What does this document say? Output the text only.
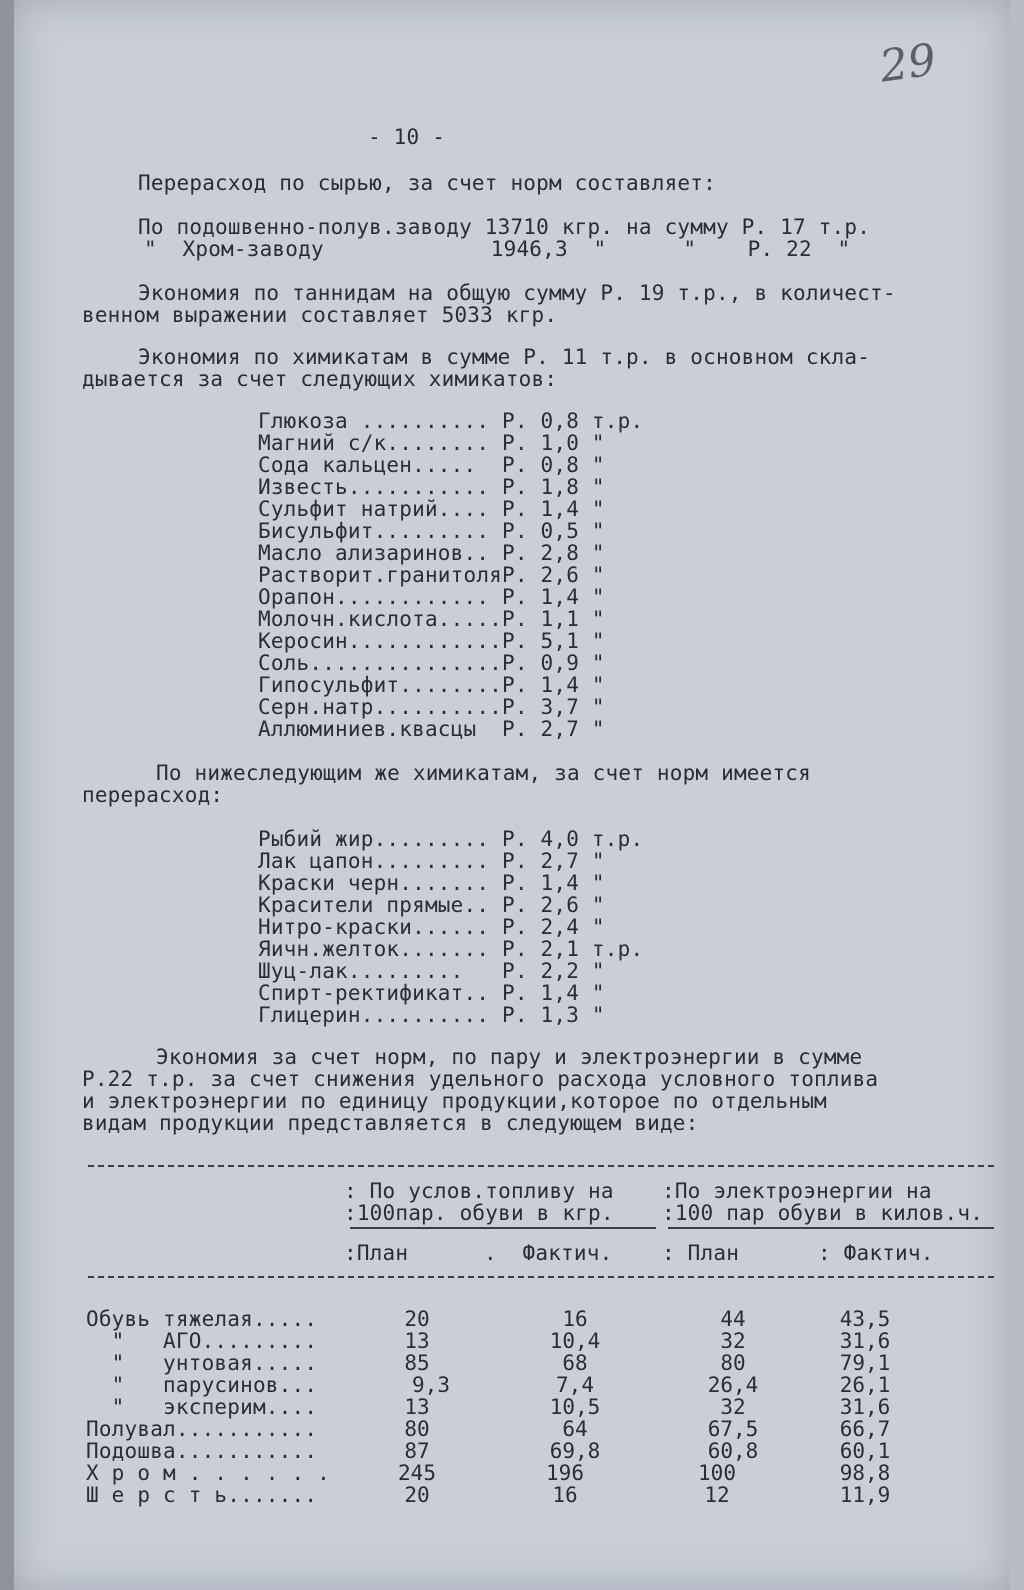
29
- 10 -
Перерасход по сырью, за счет норм составляет:
По подошвенно-полув.заводу 13710 кгр. на сумму Р. 17 т.р.
"  Хром-заводу             1946,3  "      "    Р. 22  "
Экономия по таннидам на общую сумму Р. 19 т.р., в количест-
венном выражении составляет 5033 кгр.
Экономия по химикатам в сумме Р. 11 т.р. в основном скла-
дывается за счет следующих химикатов:
Глюкоза .......... Р. 0,8 т.р.
Магний с/к........ Р. 1,0 "
Сода кальцен.....  Р. 0,8 "
Известь........... Р. 1,8 "
Сульфит натрий.... Р. 1,4 "
Бисульфит......... Р. 0,5 "
Масло ализаринов.. Р. 2,8 "
Растворит.гранитоляР. 2,6 "
Орапон............ Р. 1,4 "
Молочн.кислота.....Р. 1,1 "
Керосин............Р. 5,1 "
Соль...............Р. 0,9 "
Гипосульфит........Р. 1,4 "
Серн.натр..........Р. 3,7 "
Аллюминиев.квасцы  Р. 2,7 "
По нижеследующим же химикатам, за счет норм имеется
перерасход:
Рыбий жир......... Р. 4,0 т.р.
Лак цапон......... Р. 2,7 "
Краски черн....... Р. 1,4 "
Красители прямые.. Р. 2,6 "
Нитро-краски...... Р. 2,4 "
Яичн.желток....... Р. 2,1 т.р.
Шуц-лак.........   Р. 2,2 "
Спирт-ректификат.. Р. 1,4 "
Глицерин.......... Р. 1,3 "
Экономия за счет норм, по пару и электроэнергии в сумме
Р.22 т.р. за счет снижения удельного расхода условного топлива
и электроэнергии по единицу продукции,которое по отдельным
видам продукции представляется в следующем виде:
: По услов.топливу на
:100пар. обуви в кгр.
:По электроэнергии на
:100 пар обуви в килов.ч.
:План	.  Фактич. : План	: Фактич.
Обувь тяжелая.....	20	16	44	43,5
"   АГО.........	13	10,4	32	31,6
"   унтовая.....	85	68	80	79,1
"   парусинов...	9,3	7,4	26,4	26,1
"   эксперим....	13	10,5	32	31,6
Полувал...........	80	64	67,5	66,7
Подошва...........	87	69,8	60,8	60,1
Х р о м . . . . . .	245	196	100	98,8
Ш е р с т ь.......	20	16	12	11,9
